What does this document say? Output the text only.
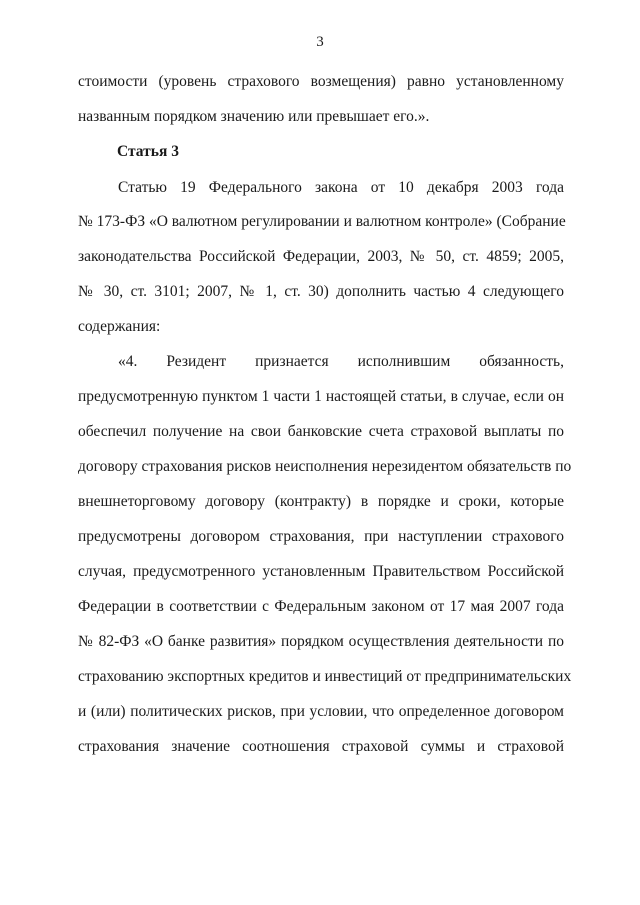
3
стоимости (уровень страхового возмещения) равно установленному
названным порядком значению или превышает его.».
Статья 3
Статью 19 Федерального закона от 10 декабря 2003 года
№ 173-ФЗ «О валютном регулировании и валютном контроле» (Собрание
законодательства Российской Федерации, 2003, № 50, ст. 4859; 2005,
№ 30, ст. 3101; 2007, № 1, ст. 30) дополнить частью 4 следующего
содержания:
«4. Резидент признается исполнившим обязанность,
предусмотренную пунктом 1 части 1 настоящей статьи, в случае, если он
обеспечил получение на свои банковские счета страховой выплаты по
договору страхования рисков неисполнения нерезидентом обязательств по
внешнеторговому договору (контракту) в порядке и сроки, которые
предусмотрены договором страхования, при наступлении страхового
случая, предусмотренного установленным Правительством Российской
Федерации в соответствии с Федеральным законом от 17 мая 2007 года
№ 82-ФЗ «О банке развития» порядком осуществления деятельности по
страхованию экспортных кредитов и инвестиций от предпринимательских
и (или) политических рисков, при условии, что определенное договором
страхования значение соотношения страховой суммы и страховой
